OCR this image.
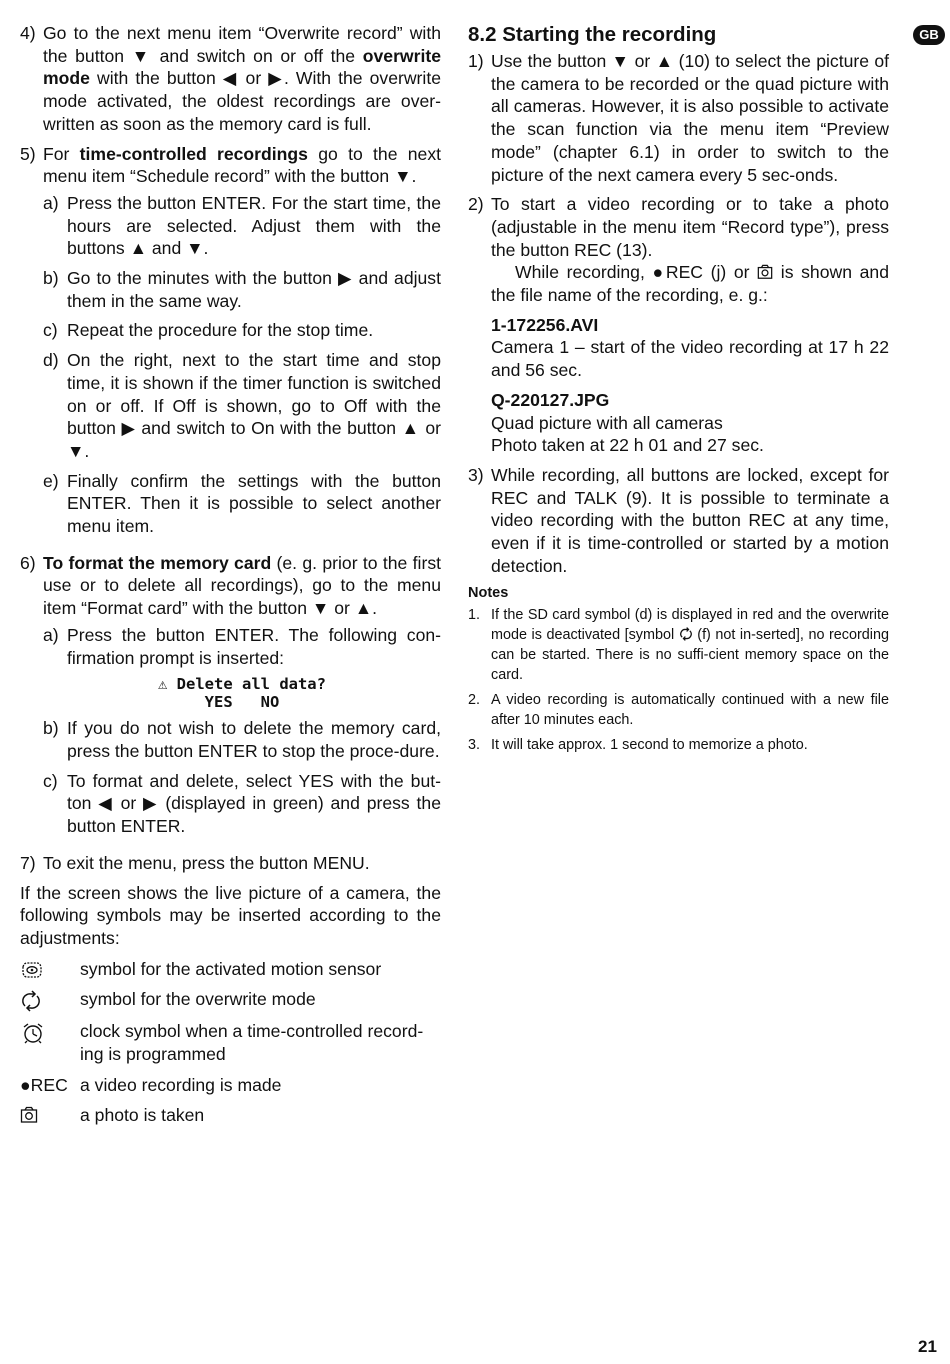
GB
4) Go to the next menu item “Overwrite record” with the button ▼ and switch on or off the overwrite mode with the button ◀ or ▶. With the overwrite mode activated, the oldest recordings are over-written as soon as the memory card is full.
5) For time-controlled recordings go to the next menu item “Schedule record” with the button ▼.
a) Press the button ENTER. For the start time, the hours are selected. Adjust them with the buttons ▲ and ▼.
b) Go to the minutes with the button ▶ and adjust them in the same way.
c) Repeat the procedure for the stop time.
d) On the right, next to the start time and stop time, it is shown if the timer function is switched on or off. If Off is shown, go to Off with the button ▶ and switch to On with the button ▲ or ▼.
e) Finally confirm the settings with the button ENTER. Then it is possible to select another menu item.
6) To format the memory card (e. g. prior to the first use or to delete all recordings), go to the menu item “Format card” with the button ▼ or ▲.
a) Press the button ENTER. The following con-firmation prompt is inserted:
⚠ Delete all data?
YES   NO
b) If you do not wish to delete the memory card, press the button ENTER to stop the proce-dure.
c) To format and delete, select YES with the but-ton ◀ or ▶ (displayed in green) and press the button ENTER.
7) To exit the menu, press the button MENU.

If the screen shows the live picture of a camera, the following symbols may be inserted according to the adjustments:

symbol for the activated motion sensor
symbol for the overwrite mode
clock symbol when a time-controlled record-ing is programmed
●REC a video recording is made
a photo is taken
8.2 Starting the recording
1) Use the button ▼ or ▲ (10) to select the picture of the camera to be recorded or the quad picture with all cameras. However, it is also possible to activate the scan function via the menu item “Preview mode” (chapter 6.1) in order to switch to the picture of the next camera every 5 sec-onds.
2) To start a video recording or to take a photo (adjustable in the menu item “Record type”), press the button REC (13).
While recording, ●REC (j) or  is shown and the file name of the recording, e. g.:
1-172256.AVI
Camera 1 – start of the video recording at 17 h 22 and 56 sec.
Q-220127.JPG
Quad picture with all cameras
Photo taken at 22 h 01 and 27 sec.
3) While recording, all buttons are locked, except for REC and TALK (9). It is possible to terminate a video recording with the button REC at any time, even if it is time-controlled or started by a motion detection.
Notes
1. If the SD card symbol (d) is displayed in red and the overwrite mode is deactivated [symbol  (f) not in-serted], no recording can be started. There is no suffi-cient memory space on the card.
2. A video recording is automatically continued with a new file after 10 minutes each.
3. It will take approx. 1 second to memorize a photo.
21
